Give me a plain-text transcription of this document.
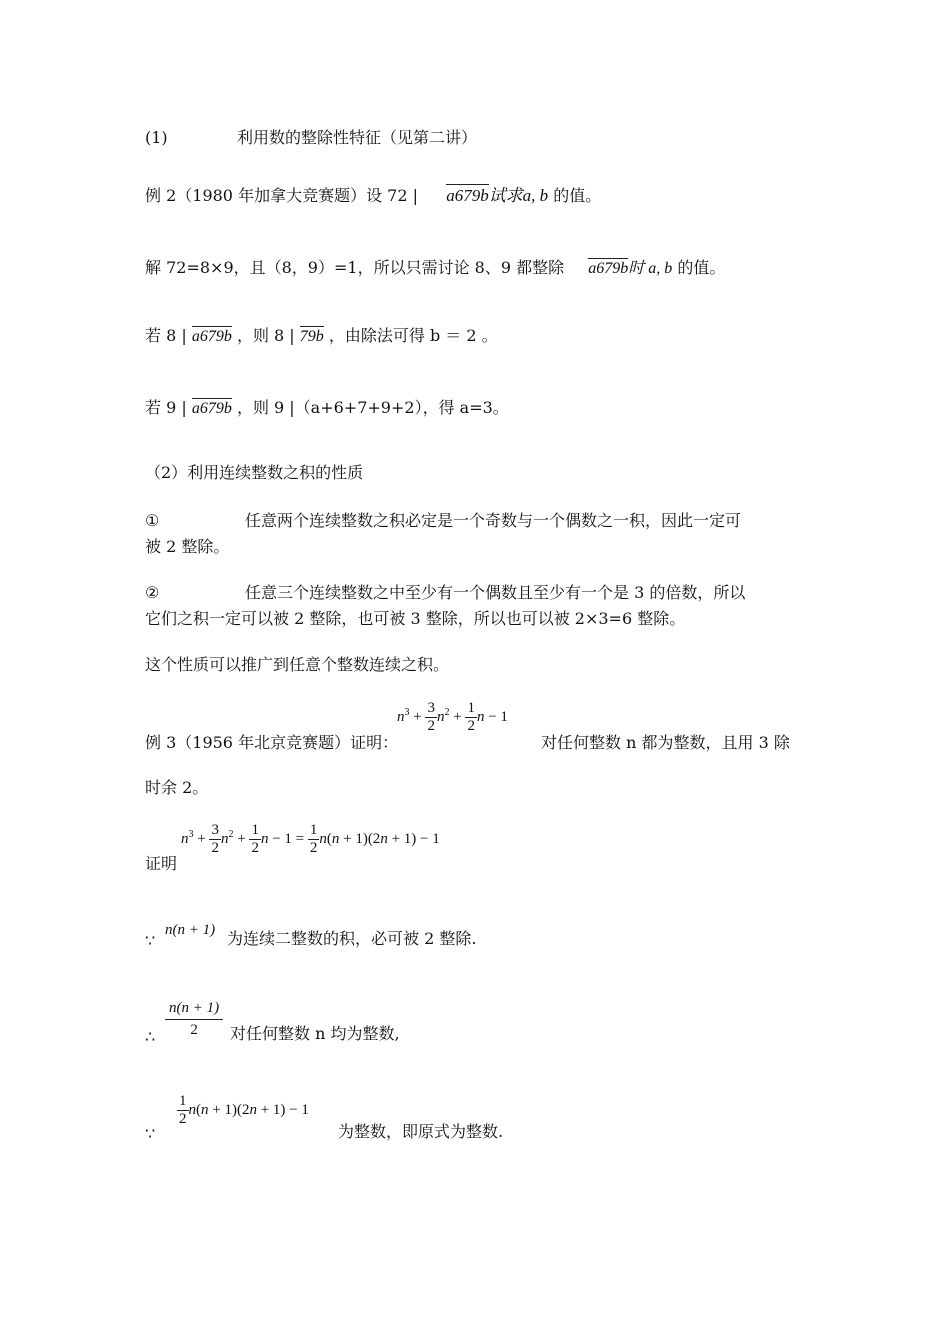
(1)	利用数的整除性特征（见第二讲）
例 2（1980 年加拿大竞赛题）设 72 | a679b试求a, b 的值。
解 72=8×9，且（8，9）=1，所以只需讨论 8、9 都整除 a679b时 a, b 的值。
若 8 | a679b ，则 8 | 79b ，由除法可得 b ＝ 2 。
若 9 | a679b ，则 9 |（a+6+7+9+2），得 a=3。
（2）利用连续整数之积的性质
①	任意两个连续整数之积必定是一个奇数与一个偶数之一积，因此一定可
被 2 整除。
②	任意三个连续整数之中至少有一个偶数且至少有一个是 3 的倍数，所以
它们之积一定可以被 2 整除，也可被 3 整除，所以也可以被 2×3=6 整除。
这个性质可以推广到任意个整数连续之积。
例 3（1956 年北京竞赛题）证明：
$n^3 + \frac{3}{2} n^2 + \frac{1}{2}$ n − 1
对任何整数 n 都为整数，且用 3 除
时余 2。
证明
$n^3 + \frac{3}{2} n^2 + \frac{1}{2}$ $n - 1 = \frac{1}{2} n(n + 1)(2n + 1) - 1$
∵
n(n + 1) 为连续二整数的积，必可被 2 整除.
∴ $\frac{n(n + 1)}{2}$ 对任何整数 n 均为整数,
∵
$\frac{1}{2} n(n + 1)(2n + 1) - 1$
为整数，即原式为整数.
